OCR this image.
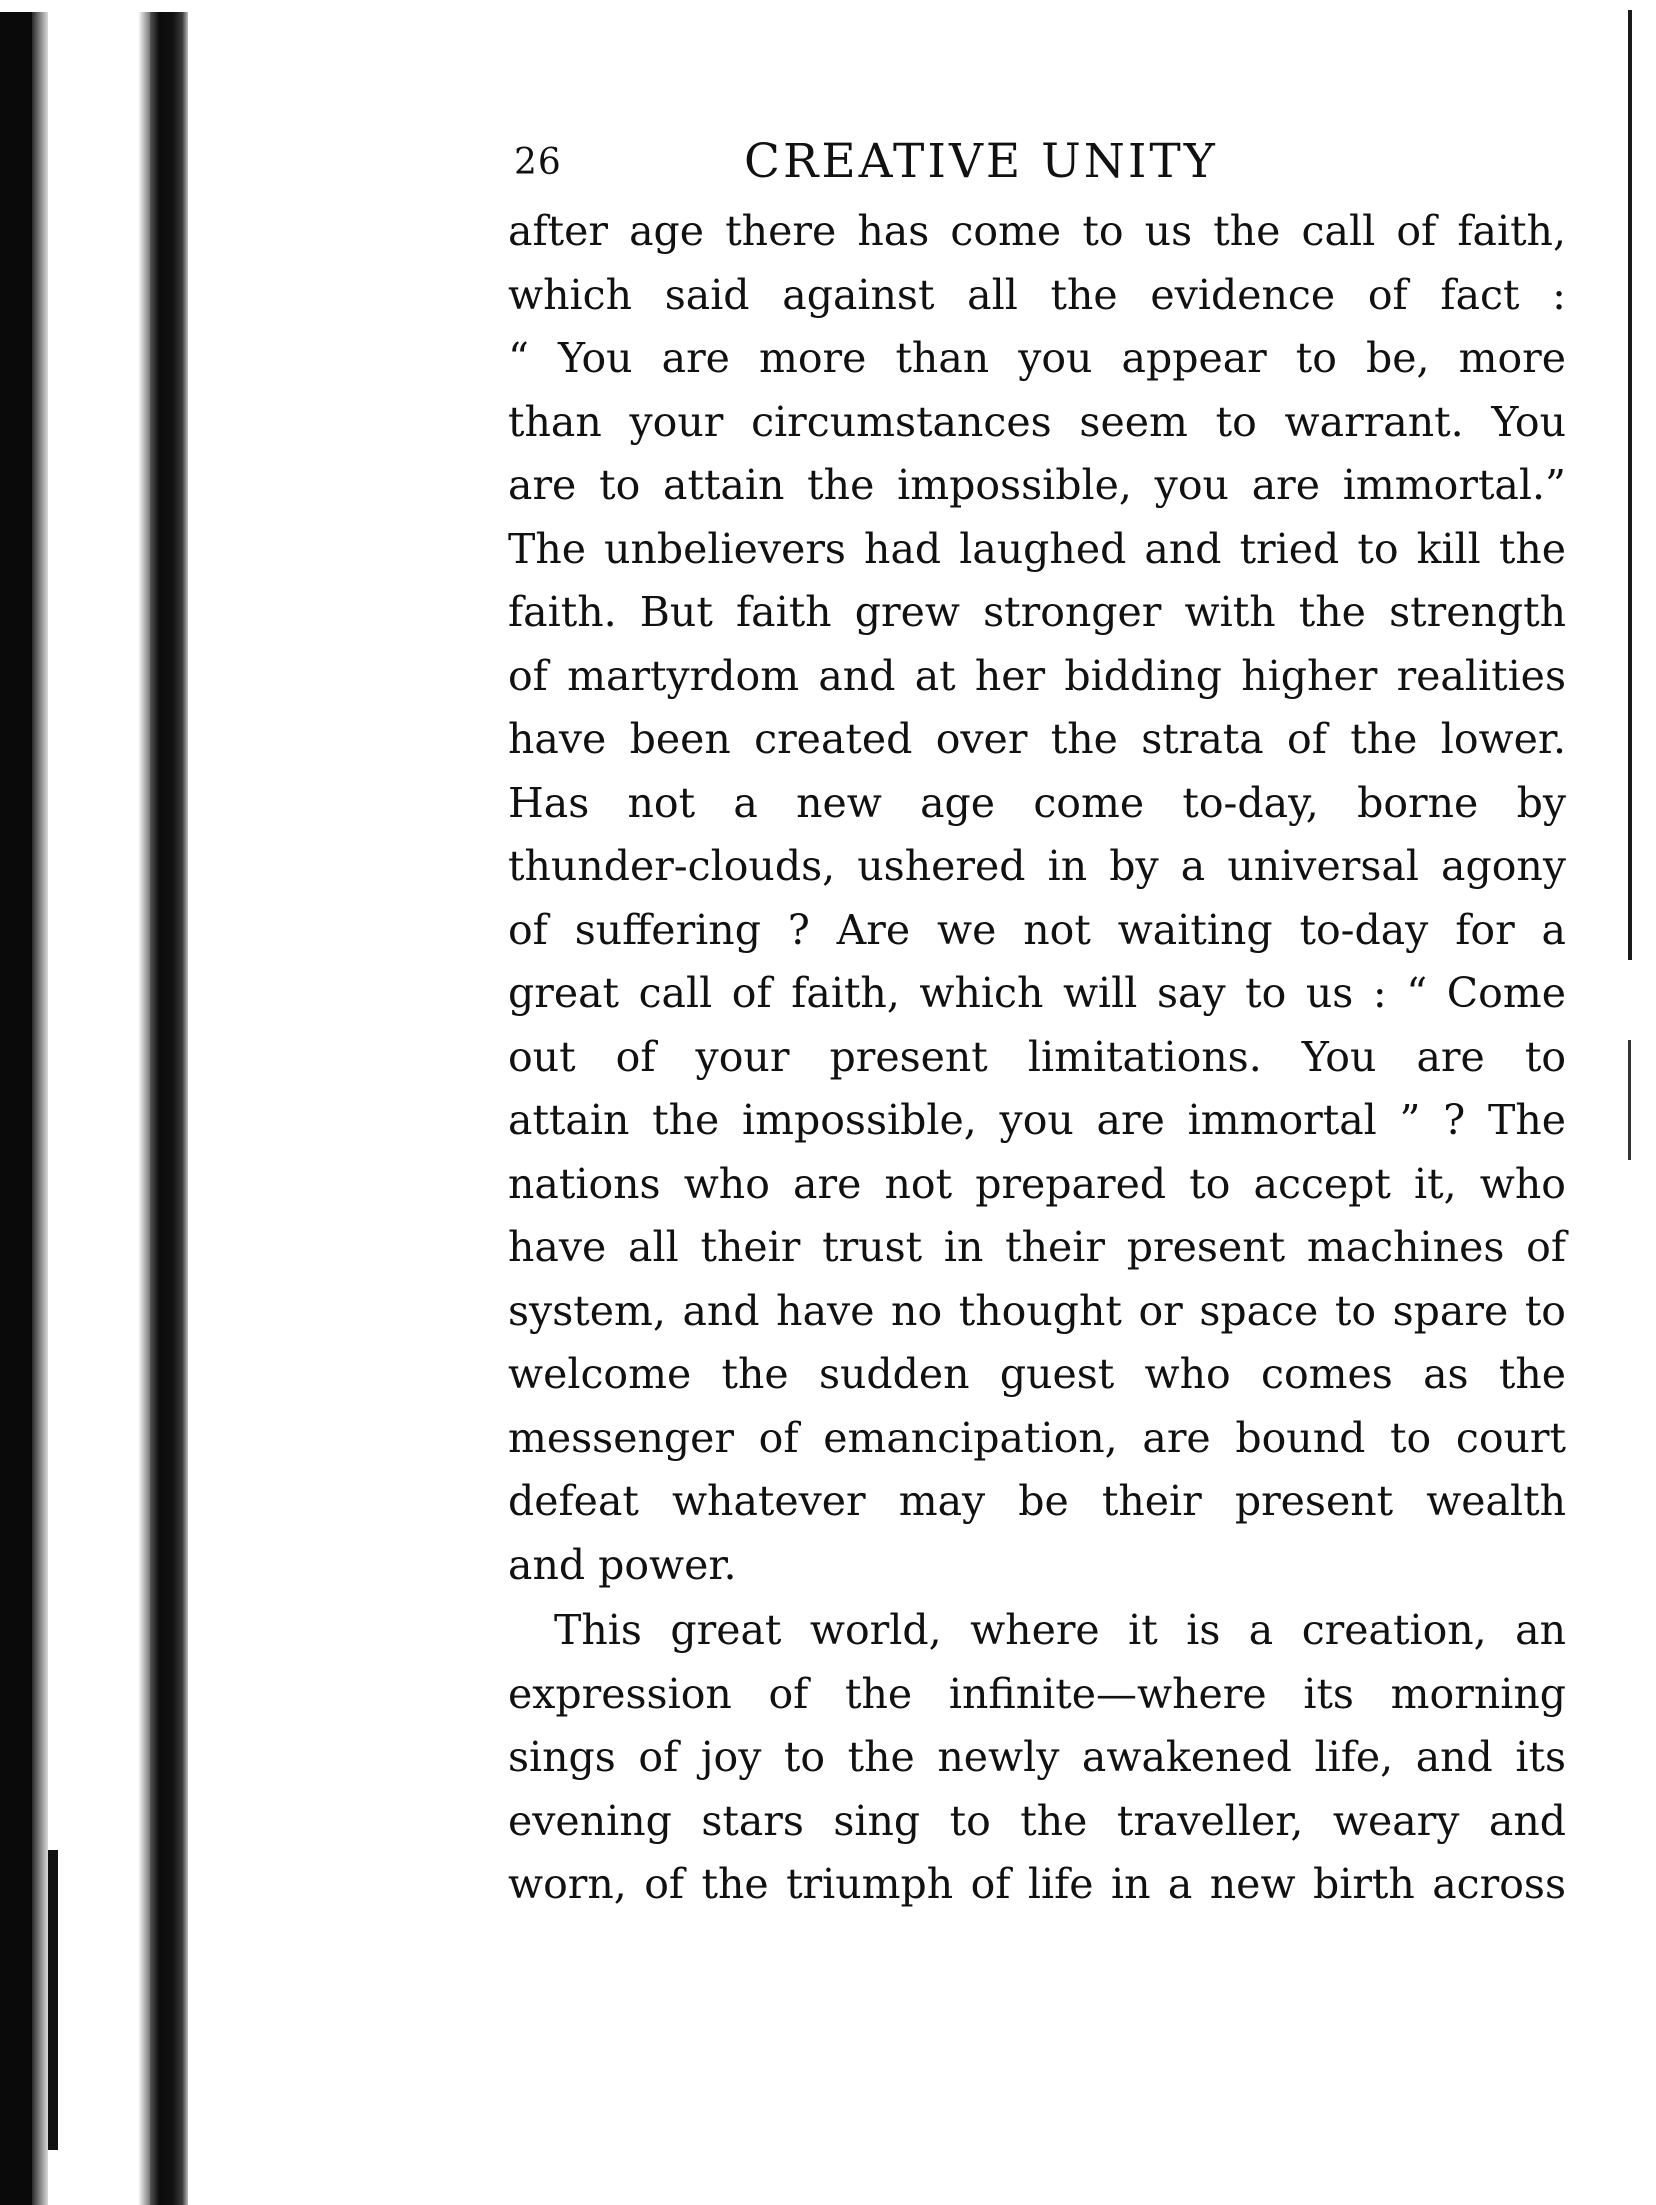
26	CREATIVE UNITY
after age there has come to us the call of faith,
which said against all the evidence of fact :
“ You are more than you appear to be, more
than your circumstances seem to warrant. You
are to attain the impossible, you are immortal.”
The unbelievers had laughed and tried to kill the
faith. But faith grew stronger with the strength
of martyrdom and at her bidding higher realities
have been created over the strata of the lower.
Has not a new age come to-day, borne by
thunder-clouds, ushered in by a universal agony
of suffering ? Are we not waiting to-day for a
great call of faith, which will say to us : “ Come
out of your present limitations. You are to
attain the impossible, you are immortal ” ? The
nations who are not prepared to accept it, who
have all their trust in their present machines of
system, and have no thought or space to spare to
welcome the sudden guest who comes as the
messenger of emancipation, are bound to court
defeat whatever may be their present wealth
and power.
This great world, where it is a creation, an
expression of the infinite—where its morning
sings of joy to the newly awakened life, and its
evening stars sing to the traveller, weary and
worn, of the triumph of life in a new birth across
